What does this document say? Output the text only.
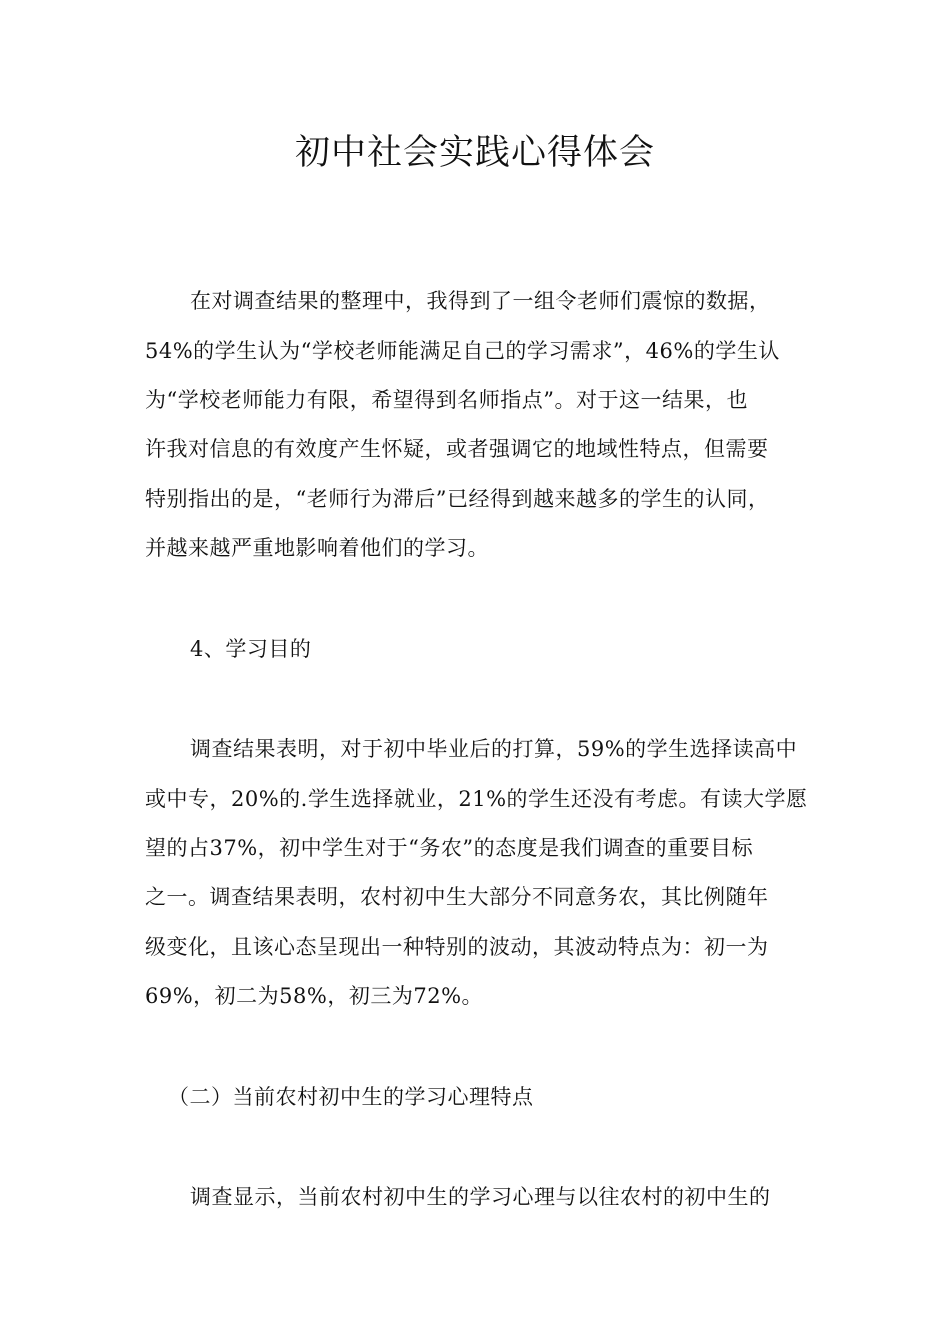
初中社会实践心得体会
在对调查结果的整理中，我得到了一组令老师们震惊的数据，
54%的学生认为“学校老师能满足自己的学习需求”，46%的学生认
为“学校老师能力有限，希望得到名师指点”。对于这一结果，也
许我对信息的有效度产生怀疑，或者强调它的地域性特点，但需要
特别指出的是，“老师行为滞后”已经得到越来越多的学生的认同，
并越来越严重地影响着他们的学习。
4、学习目的
调查结果表明，对于初中毕业后的打算，59%的学生选择读高中
或中专，20%的.学生选择就业，21%的学生还没有考虑。有读大学愿
望的占37%，初中学生对于“务农”的态度是我们调查的重要目标
之一。调查结果表明，农村初中生大部分不同意务农，其比例随年
级变化，且该心态呈现出一种特别的波动，其波动特点为：初一为
69%，初二为58%，初三为72%。
（二）当前农村初中生的学习心理特点
调查显示，当前农村初中生的学习心理与以往农村的初中生的
